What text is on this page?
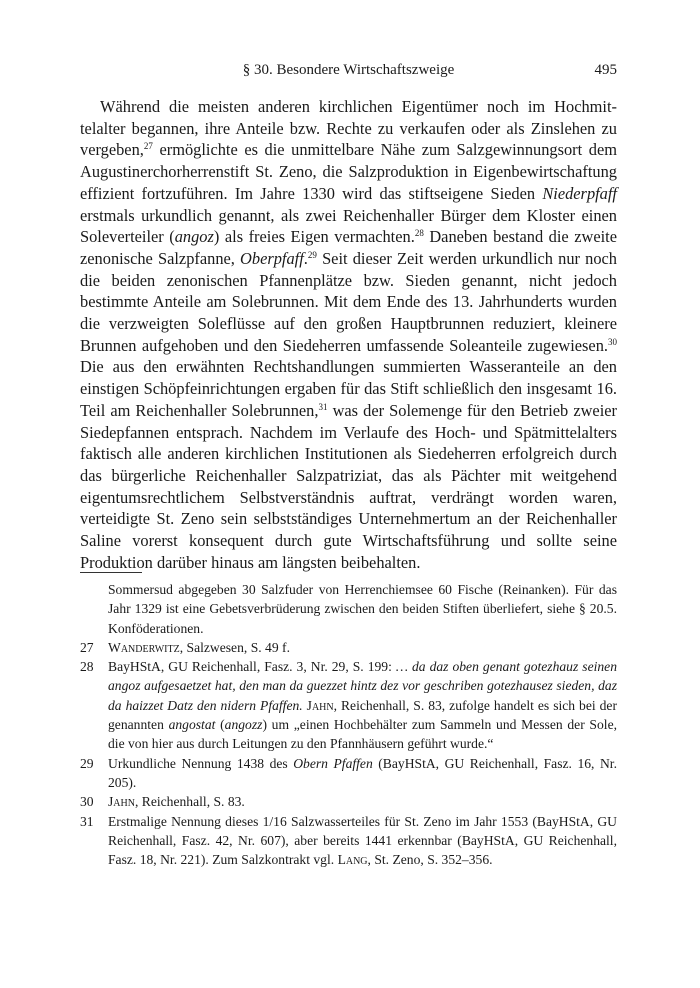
§ 30. Besondere Wirtschaftszweige	495

Während die meisten anderen kirchlichen Eigentümer noch im Hochmittelalter begannen, ihre Anteile bzw. Rechte zu verkaufen oder als Zinslehen zu vergeben,$^{27}$ ermöglichte es die unmittelbare Nähe zum Salzgewinnungsort dem Augustinerchorherrenstift St. Zeno, die Salzproduktion in Eigenbewirtschaftung effizient fortzuführen. Im Jahre 1330 wird das stiftseigene Sieden Niederpfaff erstmals urkundlich genannt, als zwei Reichenhaller Bürger dem Kloster einen Soleverteiler (angoz) als freies Eigen vermachten.$^{28}$ Daneben bestand die zweite zenonische Salzpfanne, Oberpfaff.$^{29}$ Seit dieser Zeit werden urkundlich nur noch die beiden zenonischen Pfannenplätze bzw. Sieden genannt, nicht jedoch bestimmte Anteile am Solebrunnen. Mit dem Ende des 13. Jahrhunderts wurden die verzweigten Soleflüsse auf den großen Hauptbrunnen reduziert, kleinere Brunnen aufgehoben und den Siedeherren umfassende Soleanteile zugewiesen.$^{30}$ Die aus den erwähnten Rechtshandlungen summierten Wasseranteile an den einstigen Schöpfeinrichtungen ergaben für das Stift schließlich den insgesamt 16. Teil am Reichenhaller Solebrunnen,$^{31}$ was der Solemenge für den Betrieb zweier Siedepfannen entsprach. Nachdem im Verlaufe des Hoch- und Spätmittelalters faktisch alle anderen kirchlichen Institutionen als Siedeherren erfolgreich durch das bürgerliche Reichenhaller Salzpatriziat, das als Pächter mit weitgehend eigentumsrechtlichem Selbstverständnis auftrat, verdrängt worden waren, verteidigte St. Zeno sein selbstständiges Unternehmertum an der Reichenhaller Saline vorerst konsequent durch gute Wirtschaftsführung und sollte seine Produktion darüber hinaus am längsten beibehalten.

Sommersud abgegeben 30 Salzfuder von Herrenchiemsee 60 Fische (Reinanken). Für das Jahr 1329 ist eine Gebetsverbrüderung zwischen den beiden Stiften überliefert, siehe § 20.5. Konföderationen.
27 Wanderwitz, Salzwesen, S. 49 f.
28 BayHStA, GU Reichenhall, Fasz. 3, Nr. 29, S. 199: … da daz oben genant gotezhauz seinen angoz aufgesaetzet hat, den man da guezzet hintz dez vor geschriben gotezhausez sieden, daz da haizzet Datz den nidern Pfaffen. Jahn, Reichenhall, S. 83, zufolge handelt es sich bei der genannten angostat (angozz) um „einen Hochbehälter zum Sammeln und Messen der Sole, die von hier aus durch Leitungen zu den Pfannhäusern geführt wurde.“
29 Urkundliche Nennung 1438 des Obern Pfaffen (BayHStA, GU Reichenhall, Fasz. 16, Nr. 205).
30 Jahn, Reichenhall, S. 83.
31 Erstmalige Nennung dieses 1/16 Salzwasserteiles für St. Zeno im Jahr 1553 (BayHStA, GU Reichenhall, Fasz. 42, Nr. 607), aber bereits 1441 erkennbar (BayHStA, GU Reichenhall, Fasz. 18, Nr. 221). Zum Salzkontrakt vgl. Lang, St. Zeno, S. 352–356.
